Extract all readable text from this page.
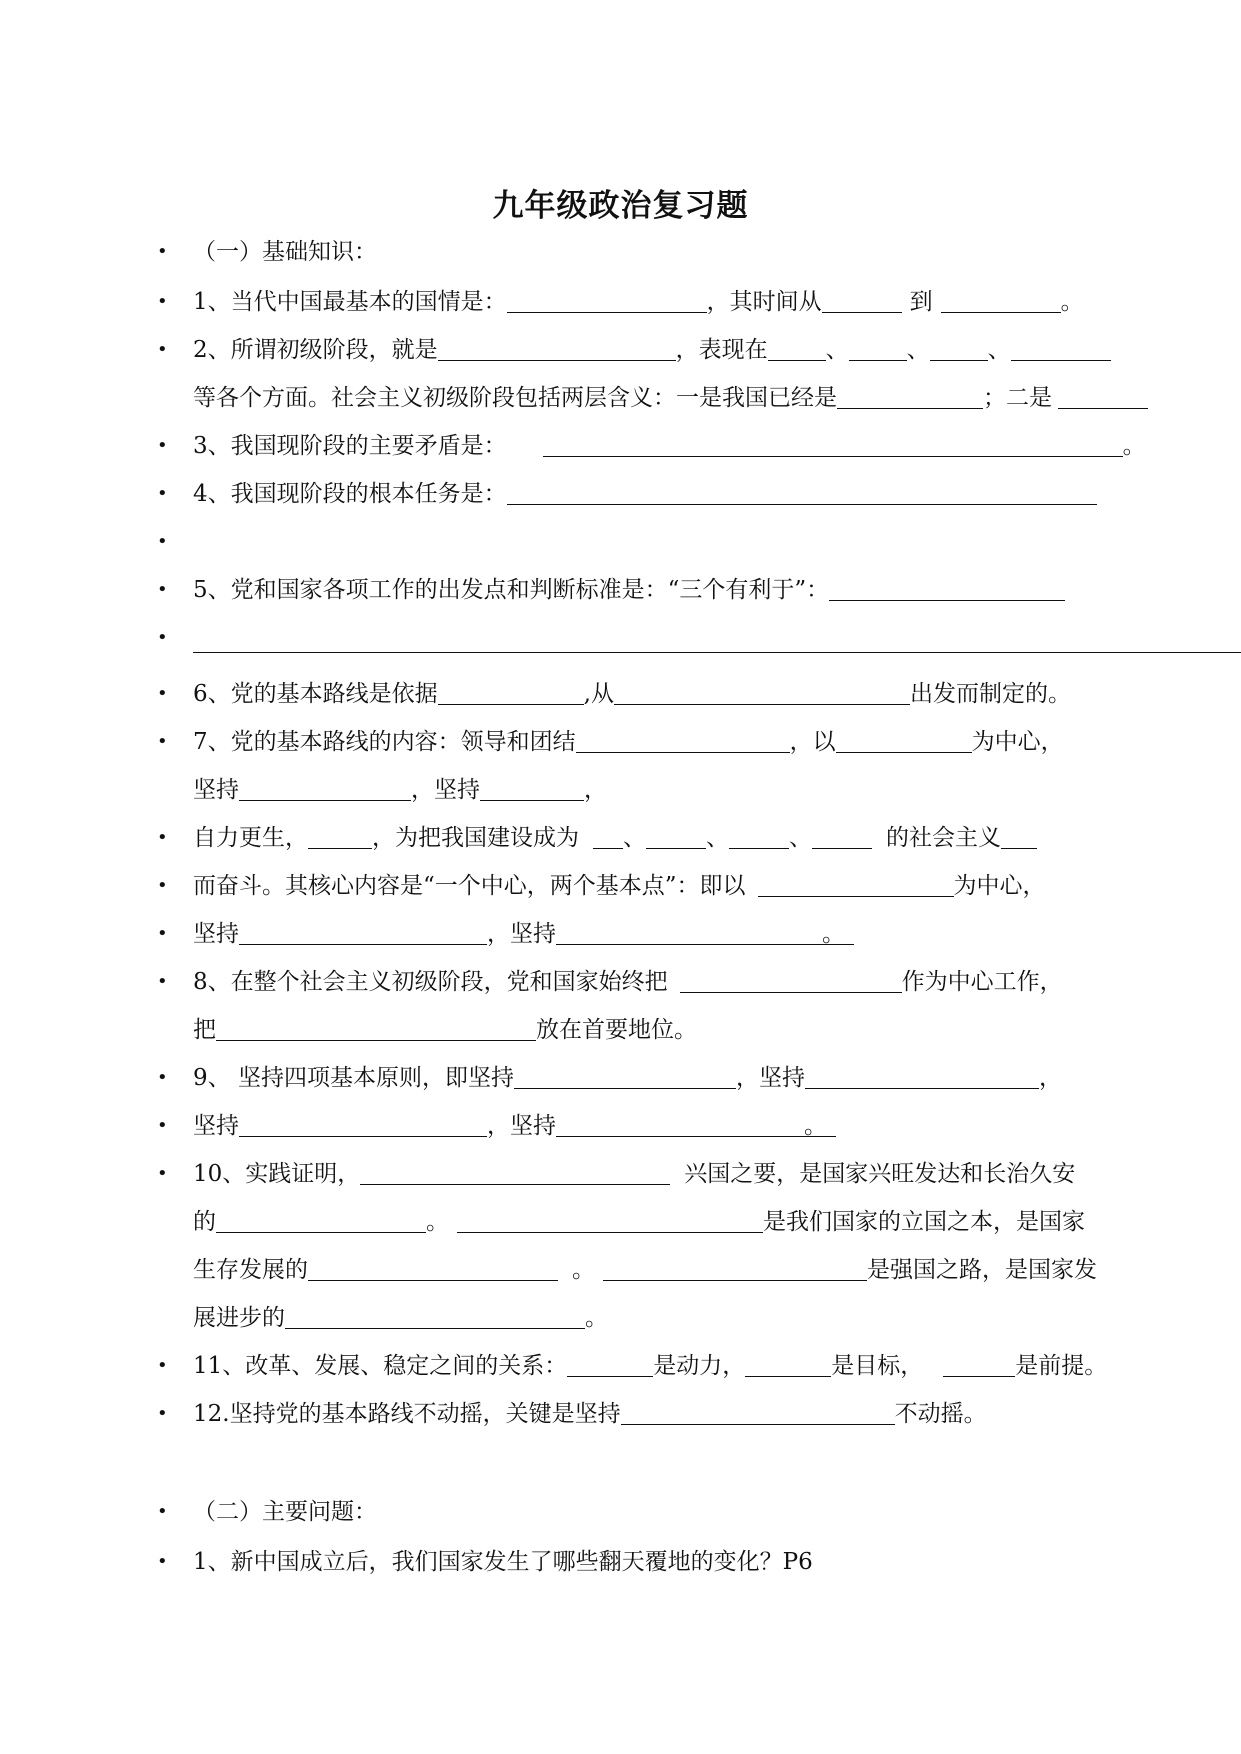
九年级政治复习题
• （一）基础知识：
• 1、当代中国最基本的国情是：	，其时间从	到	。
• 2、所谓初级阶段，就是	，表现在	、	、	、
等各个方面。社会主义初级阶段包括两层含义：一是我国已经是	；二是
• 3、我国现阶段的主要矛盾是：	。
• 4、我国现阶段的根本任务是：
•
• 5、党和国家各项工作的出发点和判断标准是：“三个有利于”：
•
• 6、党的基本路线是依据	,从	出发而制定的。
• 7、党的基本路线的内容：领导和团结	，以	为中心，
坚持	，坚持	，
• 自力更生，	，为把我国建设成为 、	、	、	的社会主义
• 而奋斗。其核心内容是“一个中心，两个基本点”：即以	为中心，
• 坚持	，坚持	。
• 8、在整个社会主义初级阶段，党和国家始终把	作为中心工作，
把	放在首要地位。
• 9、 坚持四项基本原则，即坚持	，坚持	，
• 坚持	，坚持	。
• 10、实践证明，	兴国之要，是国家兴旺发达和长治久安
的	。	是我们国家的立国之本，是国家
生存发展的	。	是强国之路，是国家发
展进步的	。
• 11、改革、发展、稳定之间的关系：	是动力，	是目标，	是前提。
• 12.坚持党的基本路线不动摇，关键是坚持	不动摇。
• （二）主要问题：
• 1、新中国成立后，我们国家发生了哪些翻天覆地的变化？P6
